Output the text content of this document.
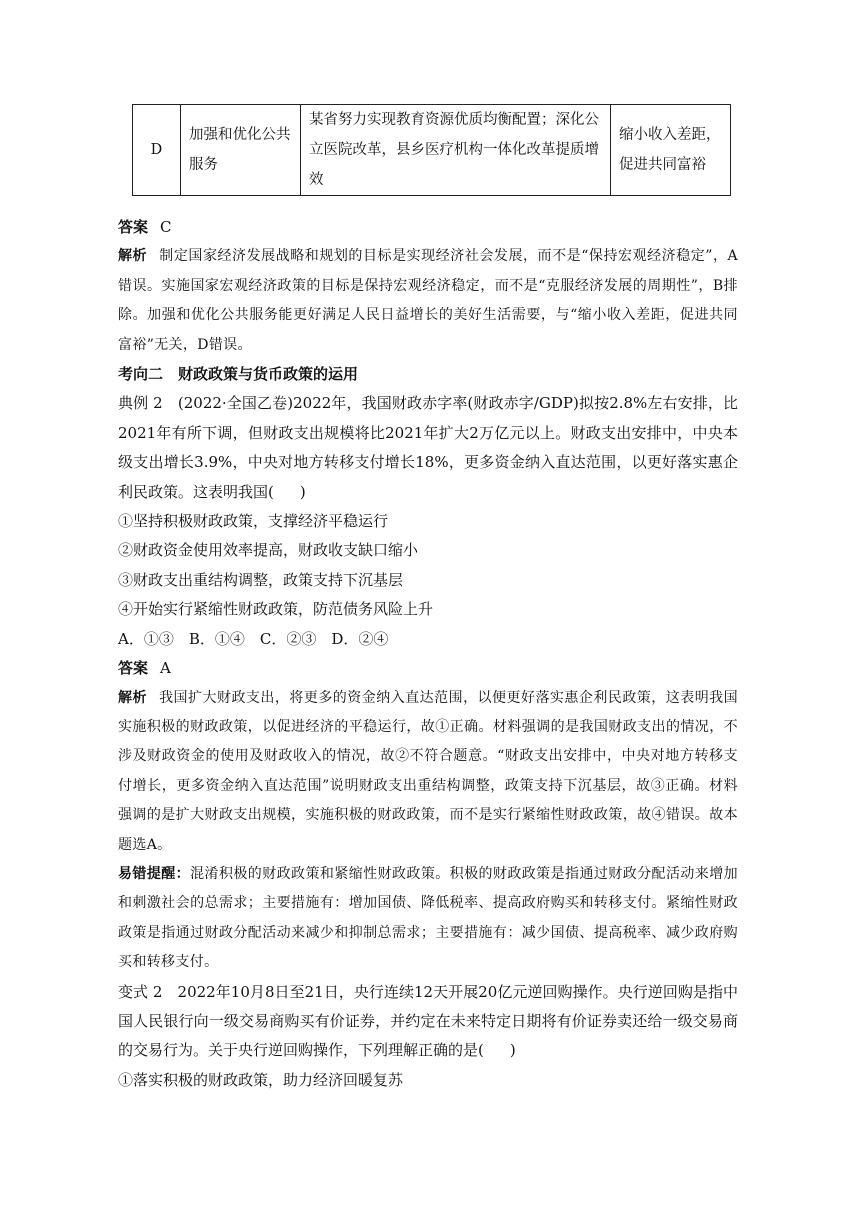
D	加强和优化公共服务	某省努力实现教育资源优质均衡配置；深化公立医院改革，县乡医疗机构一体化改革提质增效	缩小收入差距，促进共同富裕

答案 C

解析 制定国家经济发展战略和规划的目标是实现经济社会发展，而不是“保持宏观经济稳定”，A错误。实施国家宏观经济政策的目标是保持宏观经济稳定，而不是“克服经济发展的周期性”，B排除。加强和优化公共服务能更好满足人民日益增长的美好生活需要，与“缩小收入差距，促进共同富裕”无关，D错误。

考向二　财政政策与货币政策的运用

典例 2　(2022·全国乙卷)2022年，我国财政赤字率(财政赤字/GDP)拟按2.8%左右安排，比2021年有所下调，但财政支出规模将比2021年扩大2万亿元以上。财政支出安排中，中央本级支出增长3.9%，中央对地方转移支付增长18%，更多资金纳入直达范围，以更好落实惠企利民政策。这表明我国( )

①坚持积极财政政策，支撑经济平稳运行

②财政资金使用效率提高，财政收支缺口缩小

③财政支出重结构调整，政策支持下沉基层

④开始实行紧缩性财政政策，防范债务风险上升

A．①③　B．①④　C．②③　D．②④

答案 A

解析 我国扩大财政支出，将更多的资金纳入直达范围，以便更好落实惠企利民政策，这表明我国实施积极的财政政策，以促进经济的平稳运行，故①正确。材料强调的是我国财政支出的情况，不涉及财政资金的使用及财政收入的情况，故②不符合题意。“财政支出安排中，中央对地方转移支付增长，更多资金纳入直达范围”说明财政支出重结构调整，政策支持下沉基层，故③正确。材料强调的是扩大财政支出规模，实施积极的财政政策，而不是实行紧缩性财政政策，故④错误。故本题选A。

易错提醒：混淆积极的财政政策和紧缩性财政政策。积极的财政政策是指通过财政分配活动来增加和刺激社会的总需求；主要措施有：增加国债、降低税率、提高政府购买和转移支付。紧缩性财政政策是指通过财政分配活动来减少和抑制总需求；主要措施有：减少国债、提高税率、减少政府购买和转移支付。

变式 2　2022年10月8日至21日，央行连续12天开展20亿元逆回购操作。央行逆回购是指中国人民银行向一级交易商购买有价证券，并约定在未来特定日期将有价证券卖还给一级交易商的交易行为。关于央行逆回购操作，下列理解正确的是( )

①落实积极的财政政策，助力经济回暖复苏
